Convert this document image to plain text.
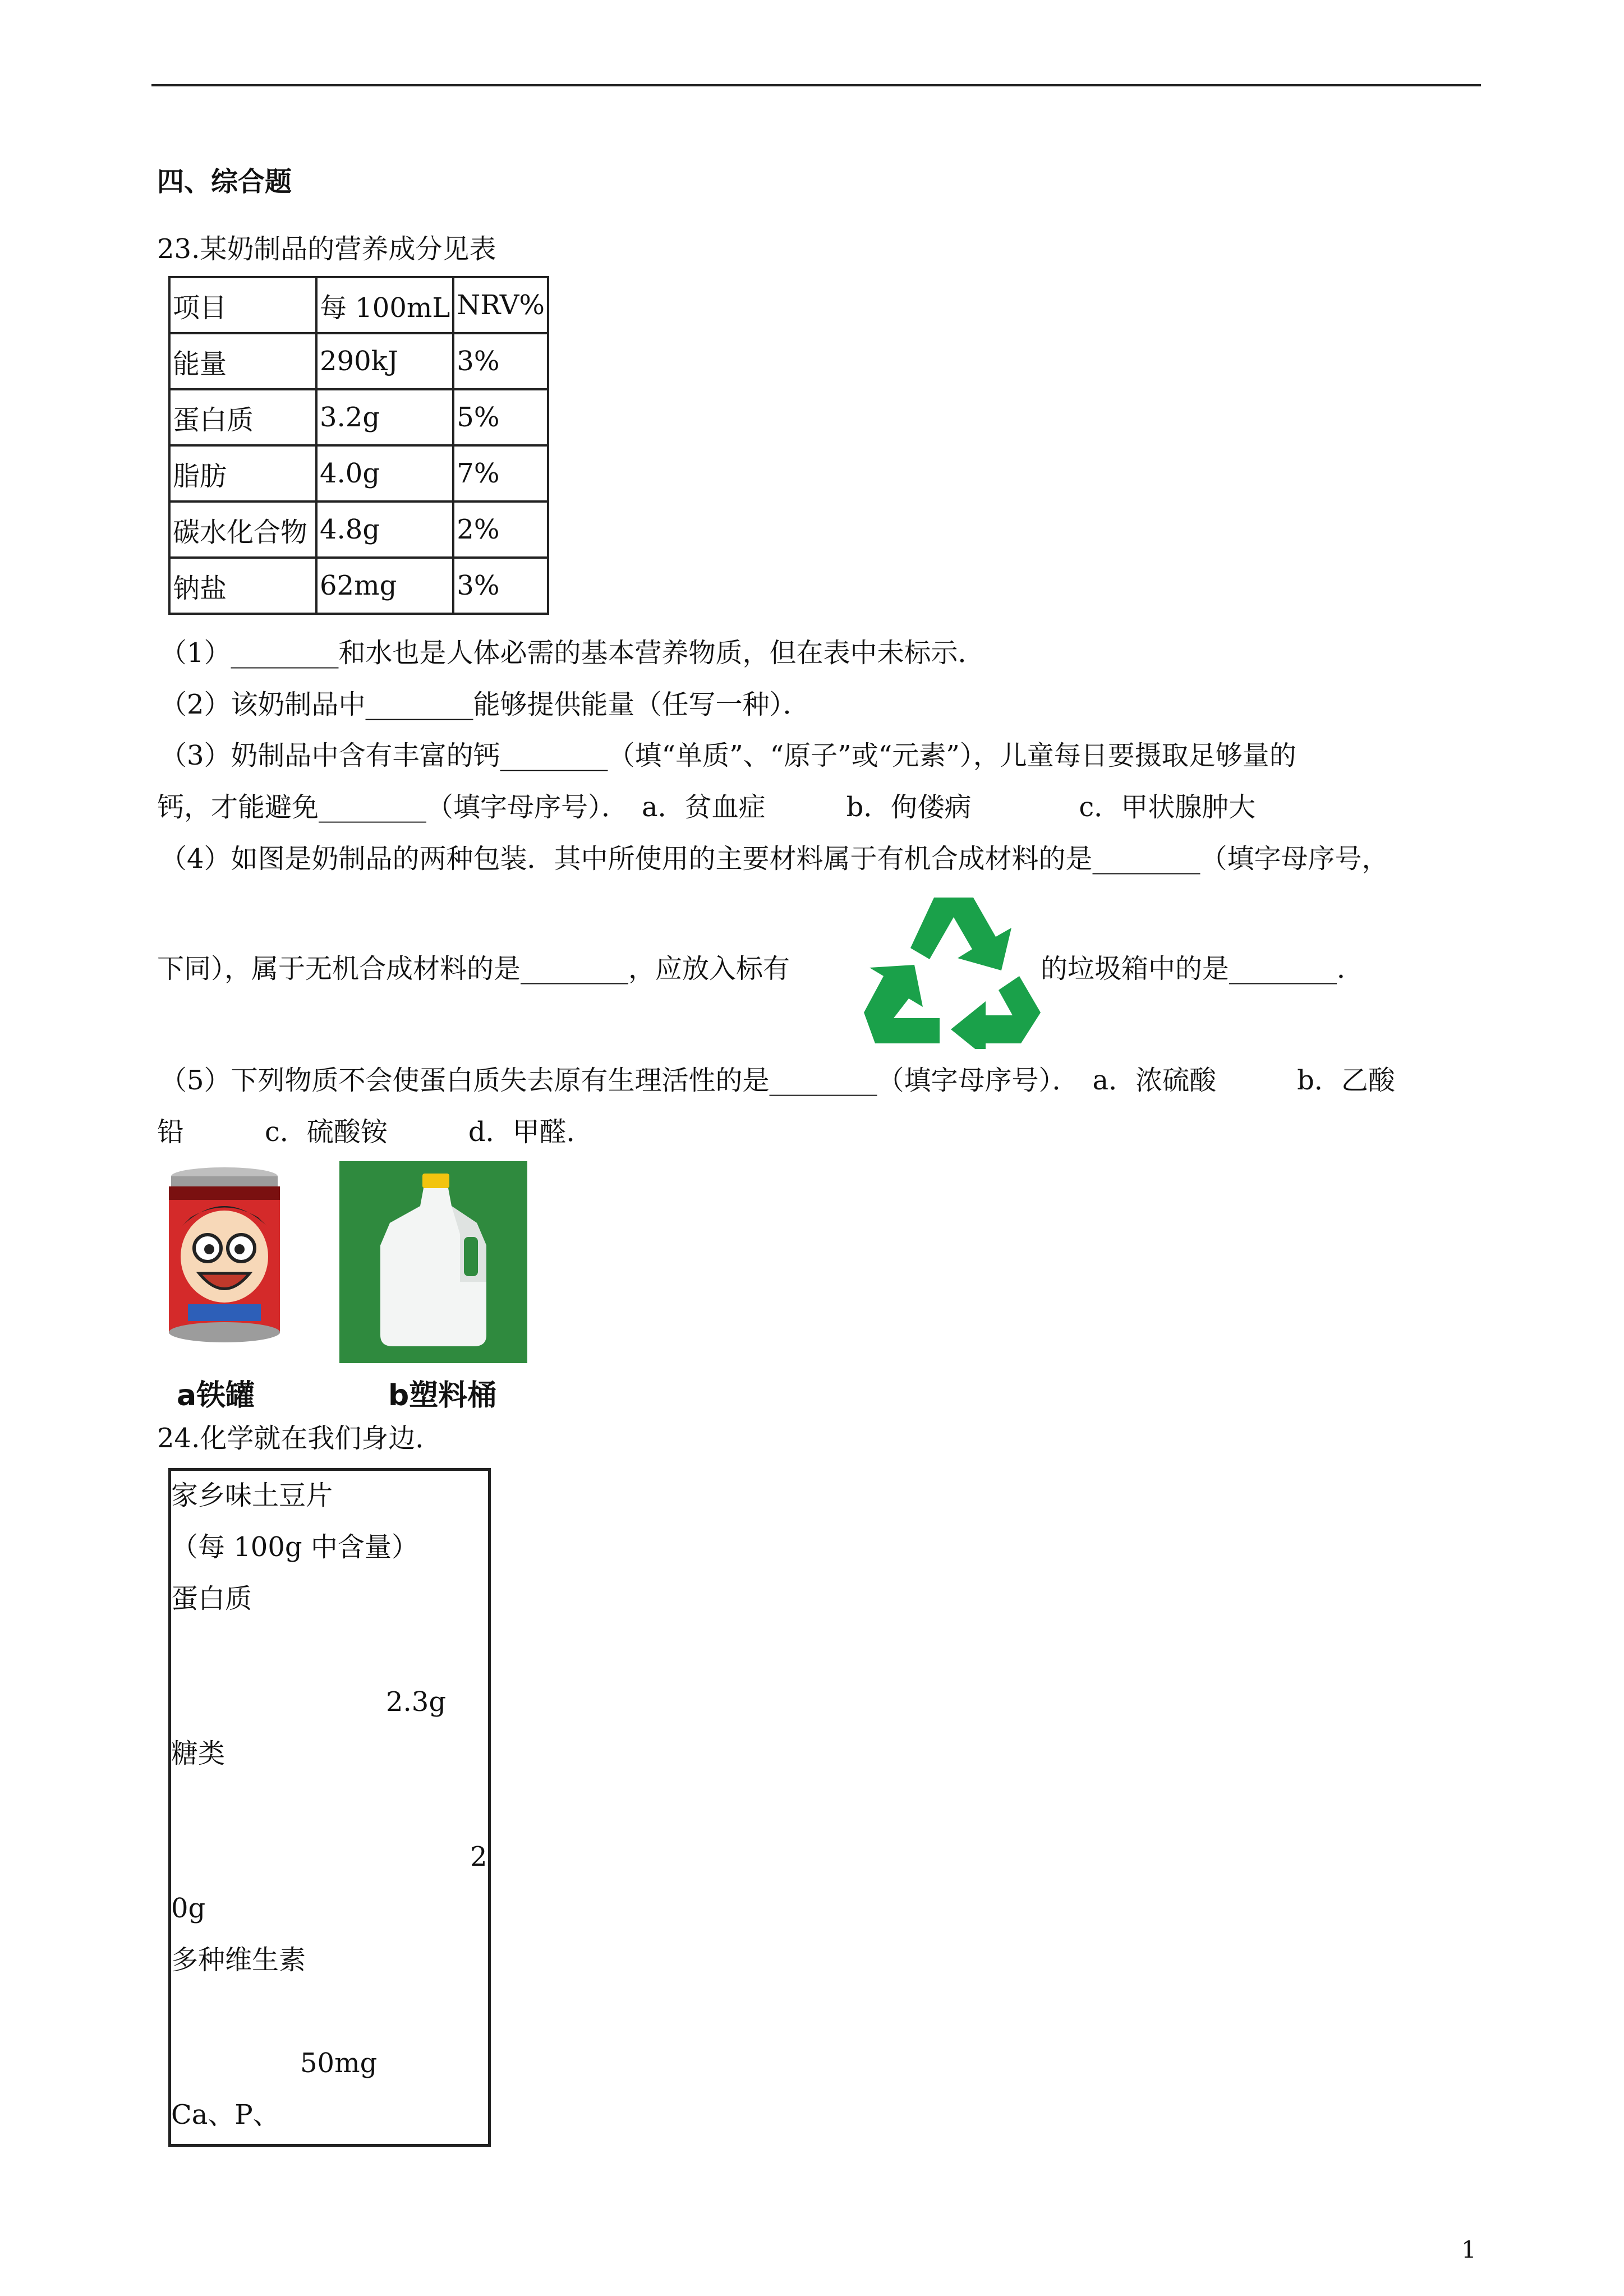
四、综合题
23.某奶制品的营养成分见表
项目	每 100mL	NRV%
能量	290kJ	3%
蛋白质	3.2g	5%
脂肪	4.0g	7%
碳水化合物	4.8g	2%
钠盐	62mg	3%
（1）________和水也是人体必需的基本营养物质，但在表中未标示．
（2）该奶制品中________能够提供能量（任写一种）．
（3）奶制品中含有丰富的钙________（填“单质”、“原子”或“元素”），儿童每日要摄取足够量的
钙，才能避免________（填字母序号）．　a．贫血症　　　b．佝偻病　　　　c．甲状腺肿大
（4）如图是奶制品的两种包装．其中所使用的主要材料属于有机合成材料的是________（填字母序号，
下同），属于无机合成材料的是________，应放入标有	的垃圾箱中的是________．
（5）下列物质不会使蛋白质失去原有生理活性的是________（填字母序号）．　a．浓硫酸　　　b．乙酸
铅　　　c．硫酸铵　　　d．甲醛．
a铁罐	b塑料桶
24.化学就在我们身边．
家乡味土豆片
（每 100g 中含量）
蛋白质
2.3g
糖类
2
0g
多种维生素
50mg
Ca、P、
1
